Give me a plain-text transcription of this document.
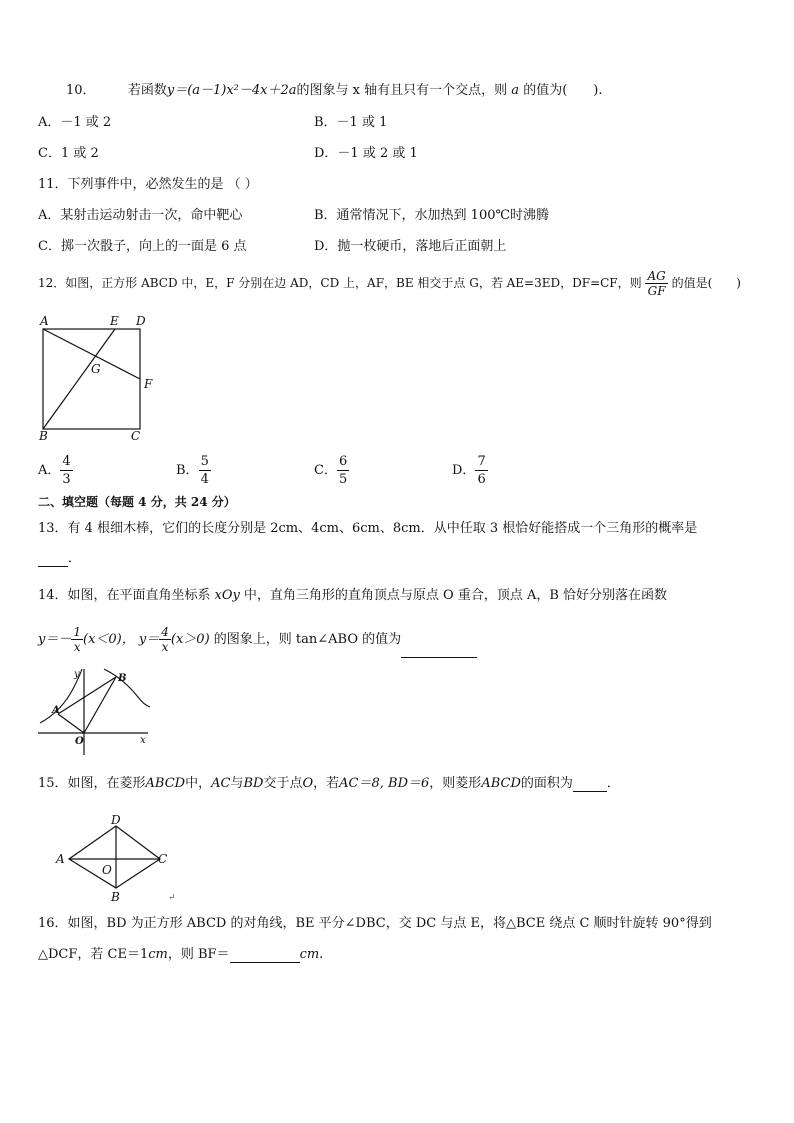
10． 若函数y＝(a－1)x²－4x＋2a的图象与 x 轴有且只有一个交点，则 a 的值为(　　).
A．－1 或 2	B．－1 或 1
C．1 或 2	D．－1 或 2 或 1
11．下列事件中，必然发生的是 （ ）
A．某射击运动射击一次，命中靶心	B．通常情况下，水加热到 100℃时沸腾
C．掷一次骰子，向上的一面是 6 点	D．抛一枚硬币，落地后正面朝上
12．如图，正方形 ABCD 中，E，F 分别在边 AD，CD 上，AF，BE 相交于点 G，若 AE=3ED，DF=CF，则 $\frac{AG}{GF}$ 的值是(　　)
A	E D
G
F
B	C
A． $\frac{4}{3}$	B． $\frac{5}{4}$	C． $\frac{6}{5}$	D． $\frac{7}{6}$
二、填空题（每题 4 分，共 24 分）
13．有 4 根细木棒，它们的长度分别是 2cm、4cm、6cm、8cm．从中任取 3 根恰好能搭成一个三角形的概率是
．
14．如图，在平面直角坐标系 xOy 中，直角三角形的直角顶点与原点 O 重合，顶点 A，B 恰好分别落在函数
$y=- \frac{1}{x} (x<0)$， $y= \frac{4}{x} (x>0)$ 的图象上，则 tan∠ABO 的值为
y
x
O
A
B
15．如图，在菱形ABCD中，AC与BD交于点O，若AC＝8, BD＝6，则菱形ABCD的面积为	．
D
A	C
O
B	↵
16．如图，BD 为正方形 ABCD 的对角线，BE 平分∠DBC，交 DC 与点 E，将△BCE 绕点 C 顺时针旋转 90°得到
△DCF，若 CE＝1cm，则 BF＝	cm.
